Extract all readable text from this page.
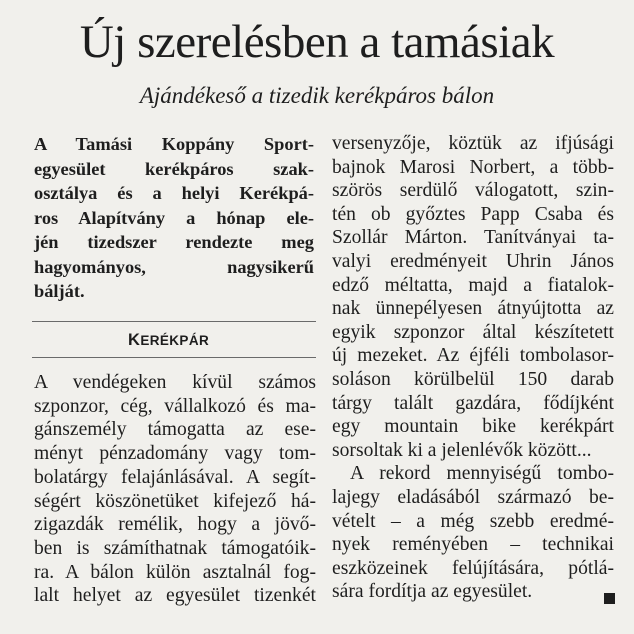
Új szerelésben a tamásiak
Ajándékeső a tizedik kerékpáros bálon
A Tamási Koppány Sport-
egyesület kerékpáros szak-
osztálya és a helyi Kerékpá-
ros Alapítvány a hónap ele-
jén tizedszer rendezte meg
hagyományos, nagysikerű
bálját.
KERÉKPÁR
A vendégeken kívül számos
szponzor, cég, vállalkozó és ma-
gánszemély támogatta az ese-
ményt pénzadomány vagy tom-
bolatárgy felajánlásával. A segít-
ségért köszönetüket kifejező há-
zigazdák remélik, hogy a jövő-
ben is számíthatnak támogatóik-
ra. A bálon külön asztalnál fog-
lalt helyet az egyesület tizenkét
versenyzője, köztük az ifjúsági
bajnok Marosi Norbert, a több-
szörös serdülő válogatott, szin-
tén ob győztes Papp Csaba és
Szollár Márton. Tanítványai ta-
valyi eredményeit Uhrin János
edző méltatta, majd a fiatalok-
nak ünnepélyesen átnyújtotta az
egyik szponzor által készítetett
új mezeket. Az éjféli tombolasor-
soláson körülbelül 150 darab
tárgy talált gazdára, fődíjként
egy mountain bike kerékpárt
sorsoltak ki a jelenlévők között...
A rekord mennyiségű tombo-
lajegy eladásából származó be-
vételt – a még szebb eredmé-
nyek reményében – technikai
eszközeinek felújítására, pótlá-
sára fordítja az egyesület.
